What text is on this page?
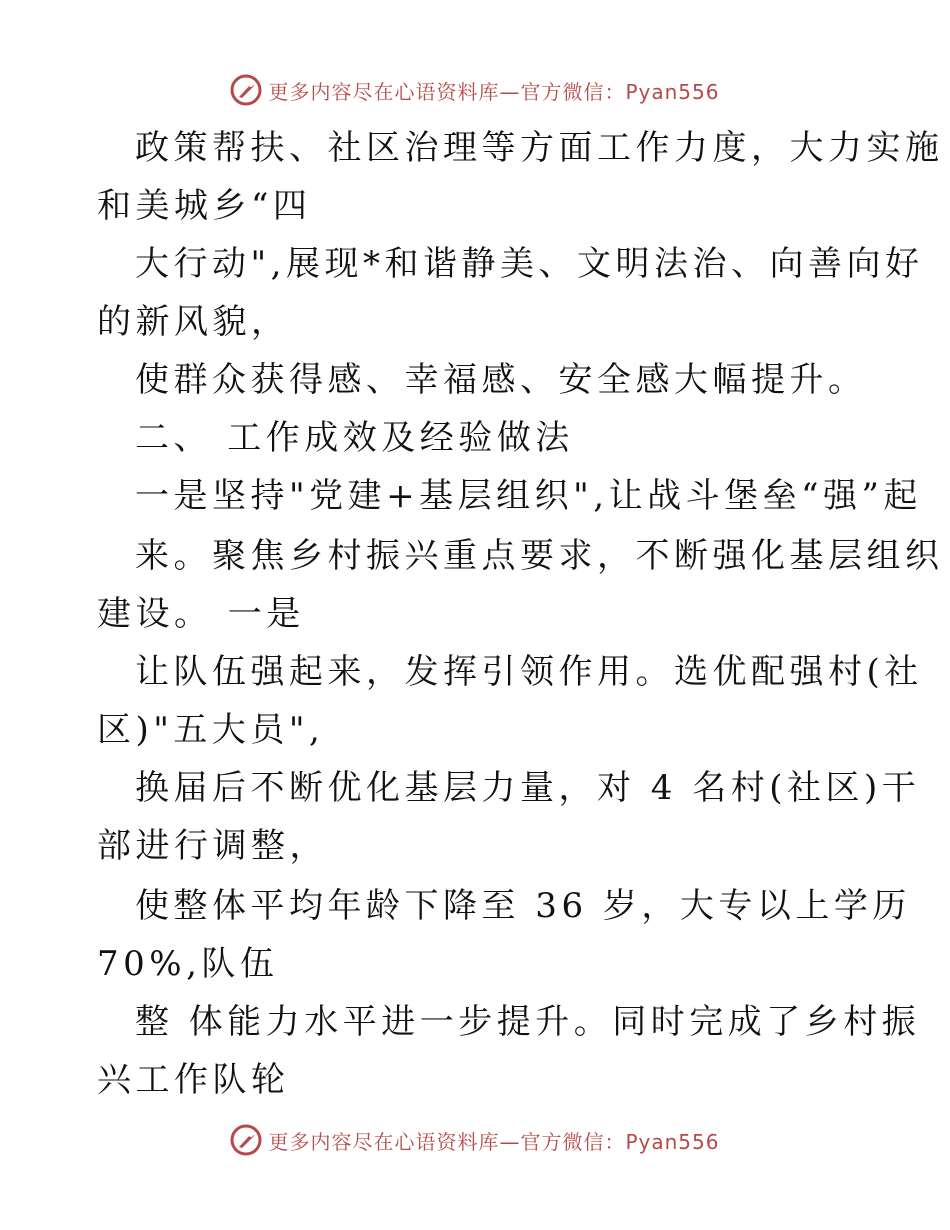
更多内容尽在心语资料库—官方微信：Pyan556
政策帮扶、社区治理等方面工作力度，大力实施
和美城乡“四
大行动",展现*和谐静美、文明法治、向善向好
的新风貌，
使群众获得感、幸福感、安全感大幅提升。
二、 工作成效及经验做法
一是坚持"党建+基层组织",让战斗堡垒“强”起
来。聚焦乡村振兴重点要求，不断强化基层组织
建设。 一是
让队伍强起来，发挥引领作用。选优配强村(社
区)"五大员",
换届后不断优化基层力量，对 4 名村(社区)干
部进行调整，
使整体平均年龄下降至 36 岁，大专以上学历
70%,队伍
整 体能力水平进一步提升。同时完成了乡村振
兴工作队轮
更多内容尽在心语资料库—官方微信：Pyan556
